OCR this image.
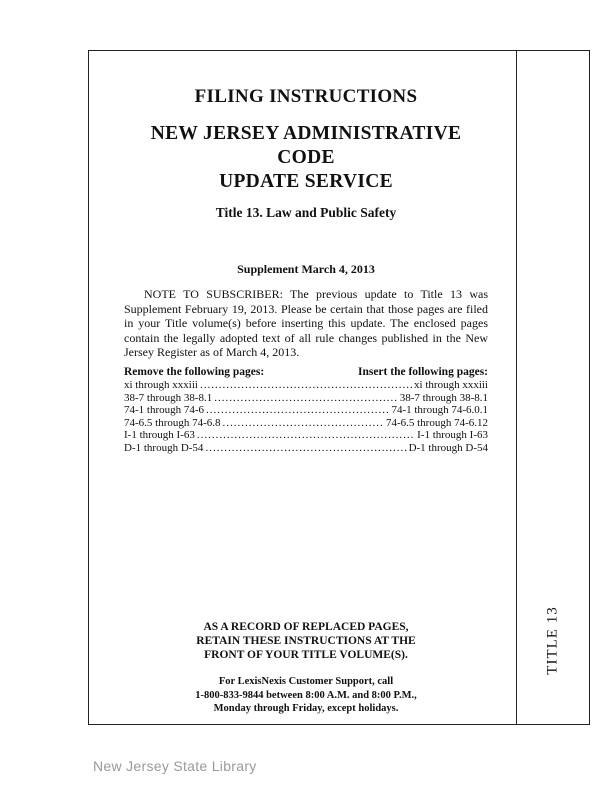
TITLE 13
FILING INSTRUCTIONS
NEW JERSEY ADMINISTRATIVE CODE
UPDATE SERVICE
Title 13. Law and Public Safety
Supplement March 4, 2013
NOTE TO SUBSCRIBER: The previous update to Title 13 was Supplement February 19, 2013. Please be certain that those pages are filed in your Title volume(s) before inserting this update. The enclosed pages contain the legally adopted text of all rule changes published in the New Jersey Register as of March 4, 2013.
Remove the following pages:	Insert the following pages:
xi through xxxiii .....	xi through xxxiii
38-7 through 38-8.1 .....	38-7 through 38-8.1
74-1 through 74-6 .....	74-1 through 74-6.0.1
74-6.5 through 74-6.8 .....	74-6.5 through 74-6.12
I-1 through I-63 .....	I-1 through I-63
D-1 through D-54 .....	D-1 through D-54
AS A RECORD OF REPLACED PAGES,
RETAIN THESE INSTRUCTIONS AT THE
FRONT OF YOUR TITLE VOLUME(S).
For LexisNexis Customer Support, call
1-800-833-9844 between 8:00 A.M. and 8:00 P.M.,
Monday through Friday, except holidays.
New Jersey State Library
